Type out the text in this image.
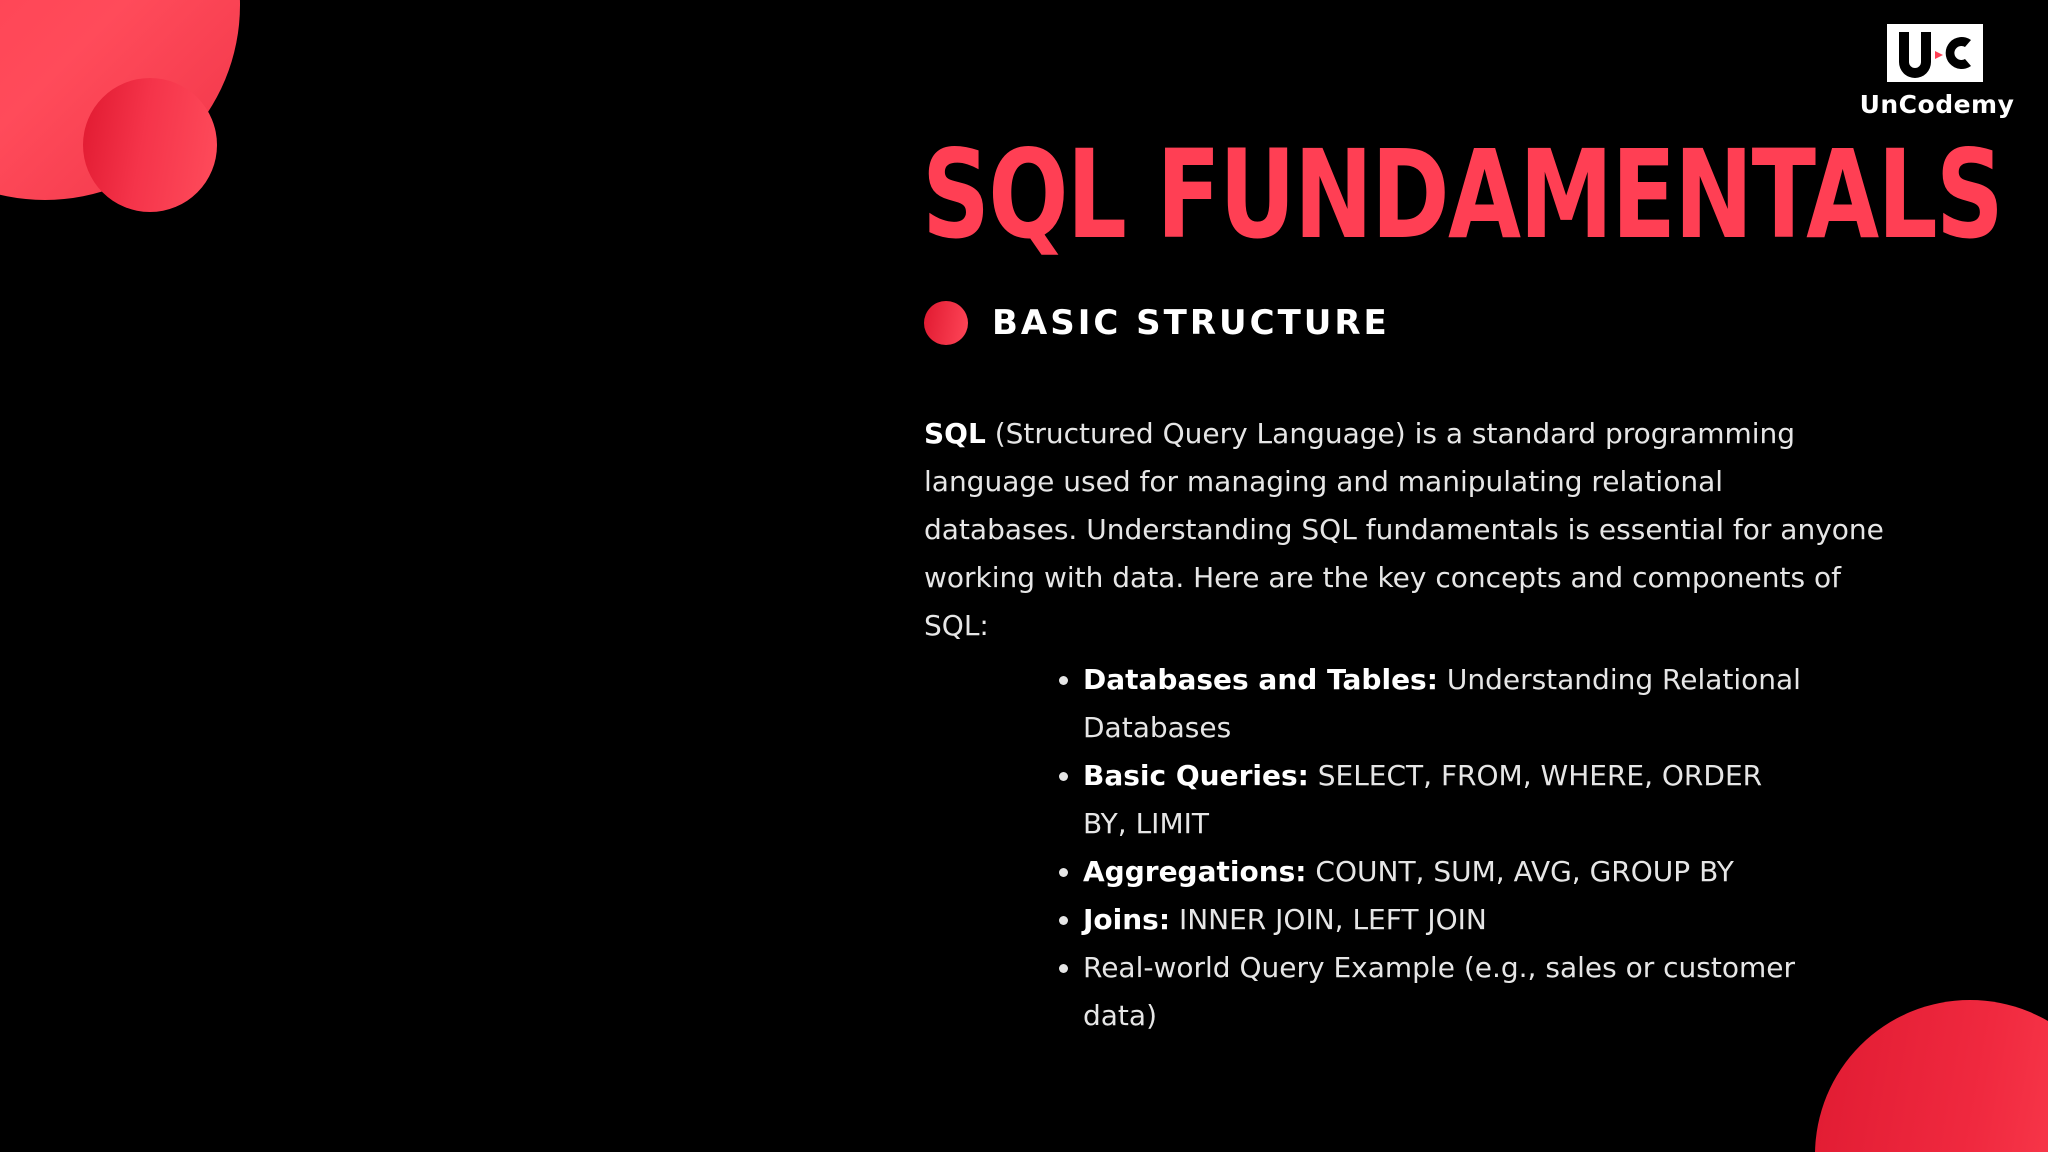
UnCodemy
SQL FUNDAMENTALS
BASIC STRUCTURE

SQL (Structured Query Language) is a standard programming language used for managing and manipulating relational databases. Understanding SQL fundamentals is essential for anyone working with data. Here are the key concepts and components of SQL:

• Databases and Tables: Understanding Relational Databases
• Basic Queries: SELECT, FROM, WHERE, ORDER BY, LIMIT
• Aggregations: COUNT, SUM, AVG, GROUP BY
• Joins: INNER JOIN, LEFT JOIN
• Real-world Query Example (e.g., sales or customer data)
